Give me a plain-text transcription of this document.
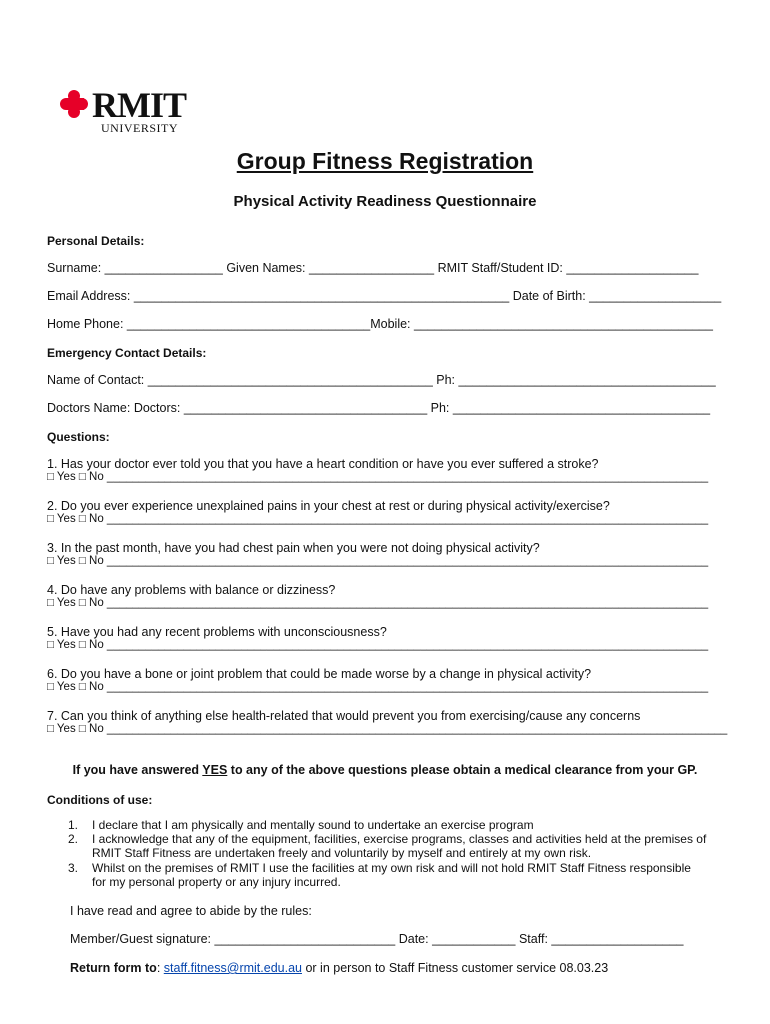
RMIT
UNIVERSITY
Group Fitness Registration
Physical Activity Readiness Questionnaire
Personal Details:
Surname: _________________ Given Names: __________________ RMIT Staff/Student ID: ___________________
Email Address: ______________________________________________________ Date of Birth: ___________________
Home Phone: ___________________________________Mobile: ___________________________________________
Emergency Contact Details:
Name of Contact: _________________________________________ Ph: _____________________________________
Doctors Name: Doctors: ___________________________________ Ph: _____________________________________
Questions:
1. Has your doctor ever told you that you have a heart condition or have you ever suffered a stroke?
□ Yes □ No ______________________________________________________________________________________________
2. Do you ever experience unexplained pains in your chest at rest or during physical activity/exercise?
□ Yes □ No ______________________________________________________________________________________________
3. In the past month, have you had chest pain when you were not doing physical activity?
□ Yes □ No ______________________________________________________________________________________________
4. Do have any problems with balance or dizziness?
□ Yes □ No ______________________________________________________________________________________________
5. Have you had any recent problems with unconsciousness?
□ Yes □ No ______________________________________________________________________________________________
6. Do you have a bone or joint problem that could be made worse by a change in physical activity?
□ Yes □ No ______________________________________________________________________________________________
7. Can you think of anything else health-related that would prevent you from exercising/cause any concerns
□ Yes □ No _________________________________________________________________________________________________
If you have answered YES to any of the above questions please obtain a medical clearance from your GP.
Conditions of use:
1. I declare that I am physically and mentally sound to undertake an exercise program
2. I acknowledge that any of the equipment, facilities, exercise programs, classes and activities held at the premises of RMIT Staff Fitness are undertaken freely and voluntarily by myself and entirely at my own risk.
3. Whilst on the premises of RMIT I use the facilities at my own risk and will not hold RMIT Staff Fitness responsible for my personal property or any injury incurred.
I have read and agree to abide by the rules:
Member/Guest signature: __________________________ Date: ____________ Staff: ___________________
Return form to: staff.fitness@rmit.edu.au or in person to Staff Fitness customer service 08.03.23
